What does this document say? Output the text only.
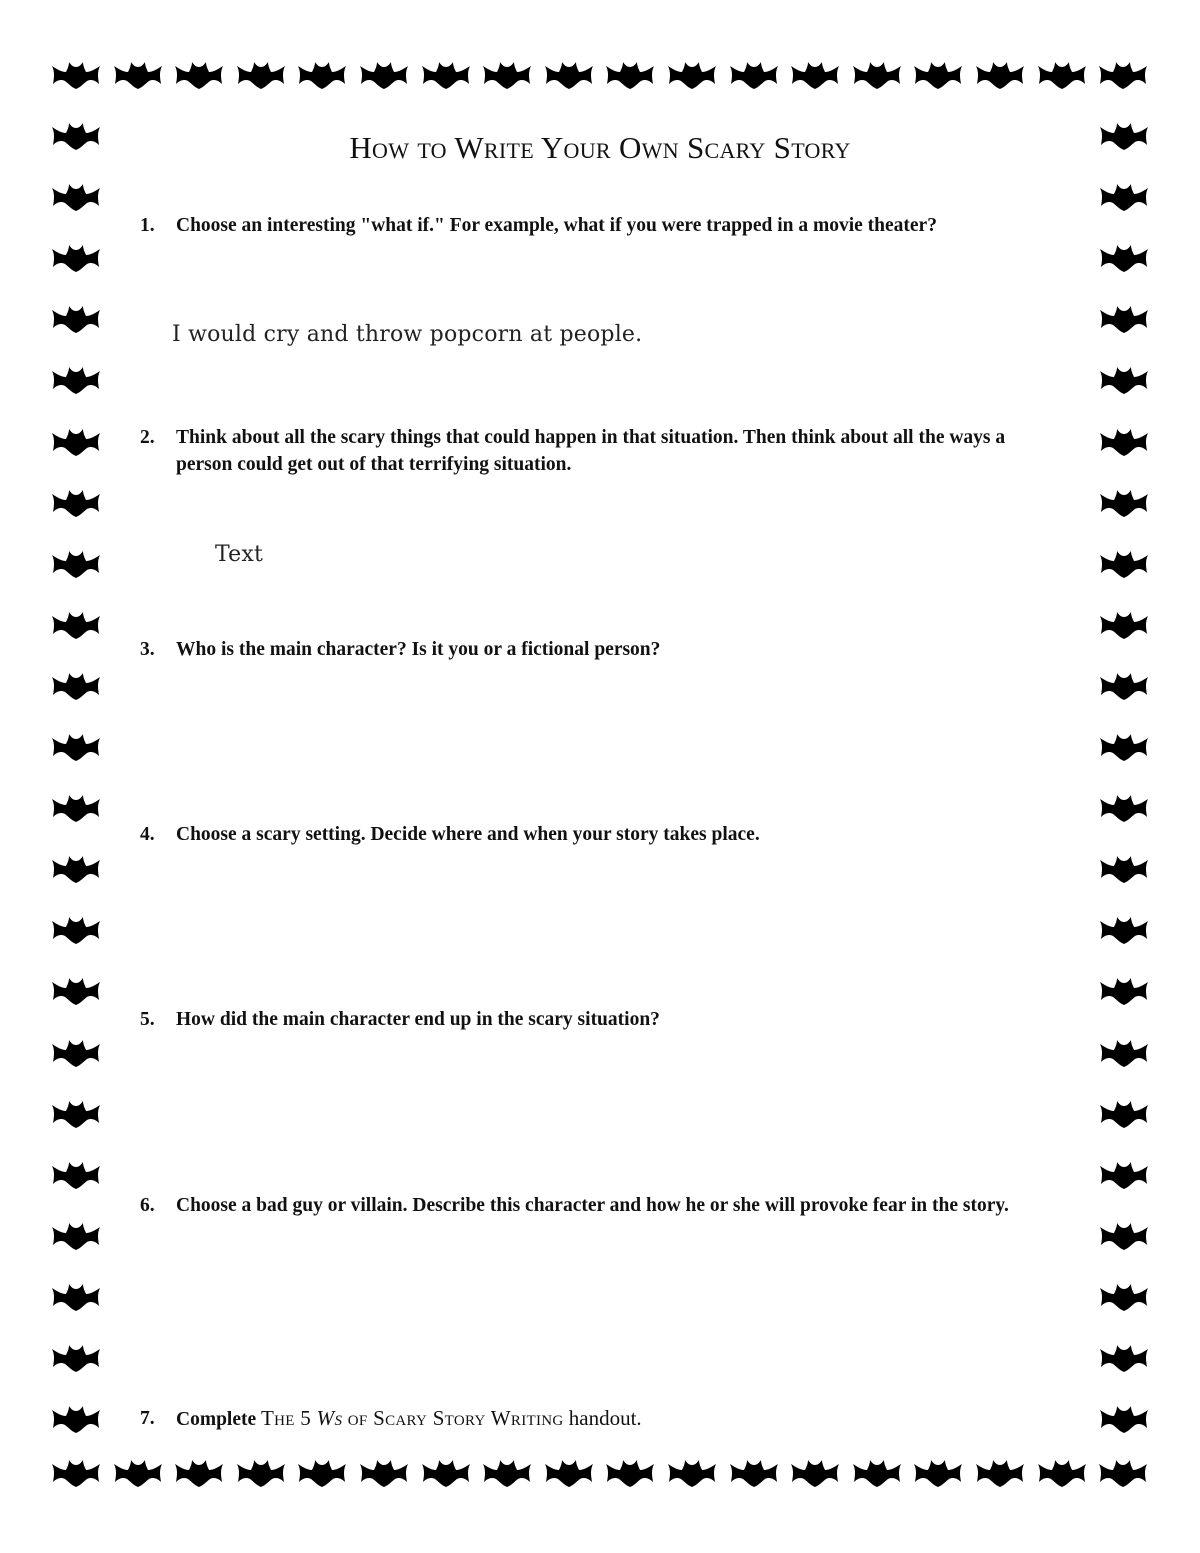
How to Write Your Own Scary Story
1.	Choose an interesting "what if." For example, what if you were trapped in a movie theater?
I would cry and throw popcorn at people.
2.	Think about all the scary things that could happen in that situation. Then think about all the ways a person could get out of that terrifying situation.
Text
3.	Who is the main character? Is it you or a fictional person?
4.	Choose a scary setting. Decide where and when your story takes place.
5.	How did the main character end up in the scary situation?
6.	Choose a bad guy or villain. Describe this character and how he or she will provoke fear in the story.
7.	Complete The 5 Ws of Scary Story Writing handout.
